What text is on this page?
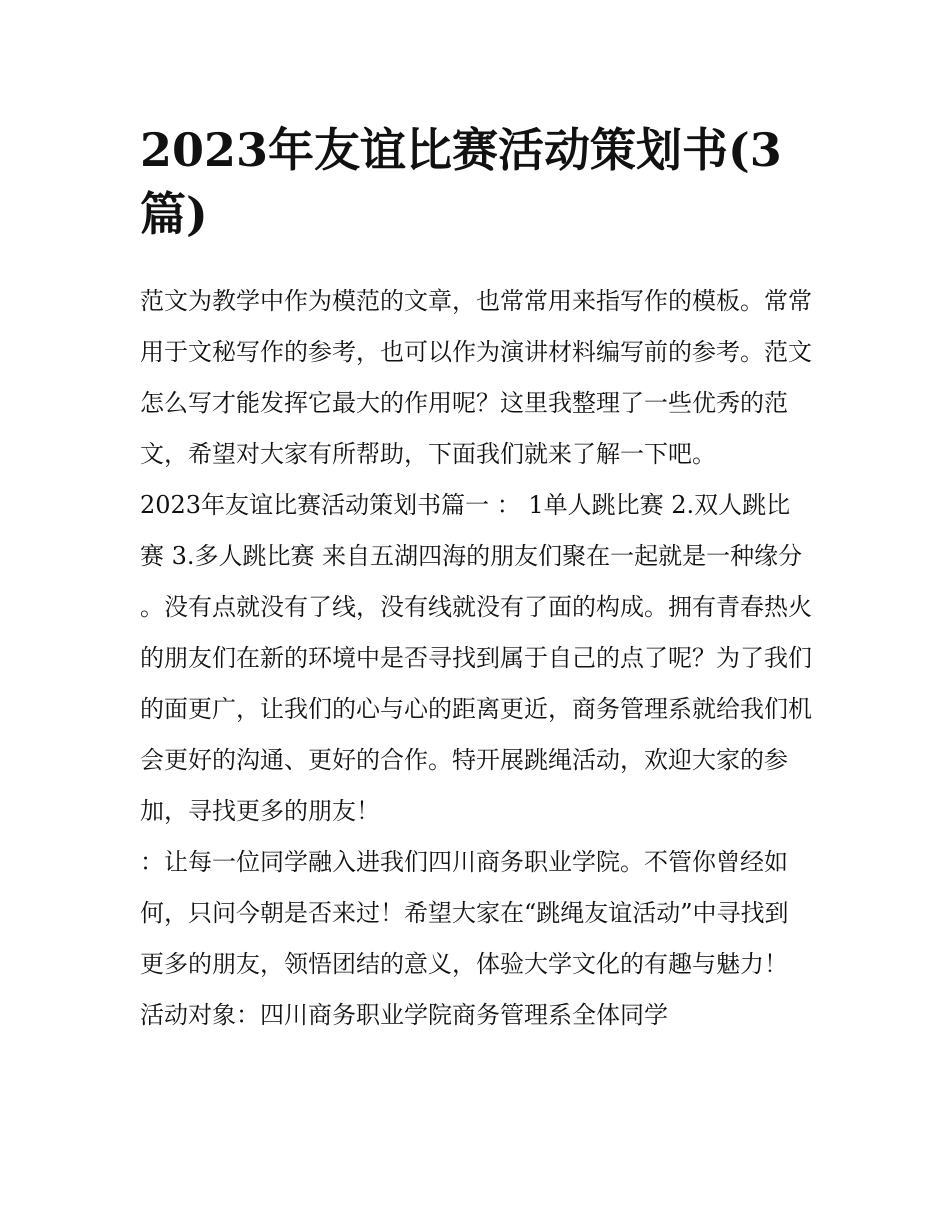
2023年友谊比赛活动策划书(3篇)

范文为教学中作为模范的文章，也常常用来指写作的模板。常常用于文秘写作的参考，也可以作为演讲材料编写前的参考。范文怎么写才能发挥它最大的作用呢？这里我整理了一些优秀的范文，希望对大家有所帮助，下面我们就来了解一下吧。

2023年友谊比赛活动策划书篇一 ： 1单人跳比赛 2.双人跳比赛 3.多人跳比赛 来自五湖四海的朋友们聚在一起就是一种缘分

。没有点就没有了线，没有线就没有了面的构成。拥有青春热火的朋友们在新的环境中是否寻找到属于自己的点了呢？为了我们的面更广，让我们的心与心的距离更近，商务管理系就给我们机会更好的沟通、更好的合作。特开展跳绳活动，欢迎大家的参加，寻找更多的朋友！

：让每一位同学融入进我们四川商务职业学院。不管你曾经如何，只问今朝是否来过！希望大家在“跳绳友谊活动”中寻找到更多的朋友，领悟团结的意义，体验大学文化的有趣与魅力！

活动对象：四川商务职业学院商务管理系全体同学
